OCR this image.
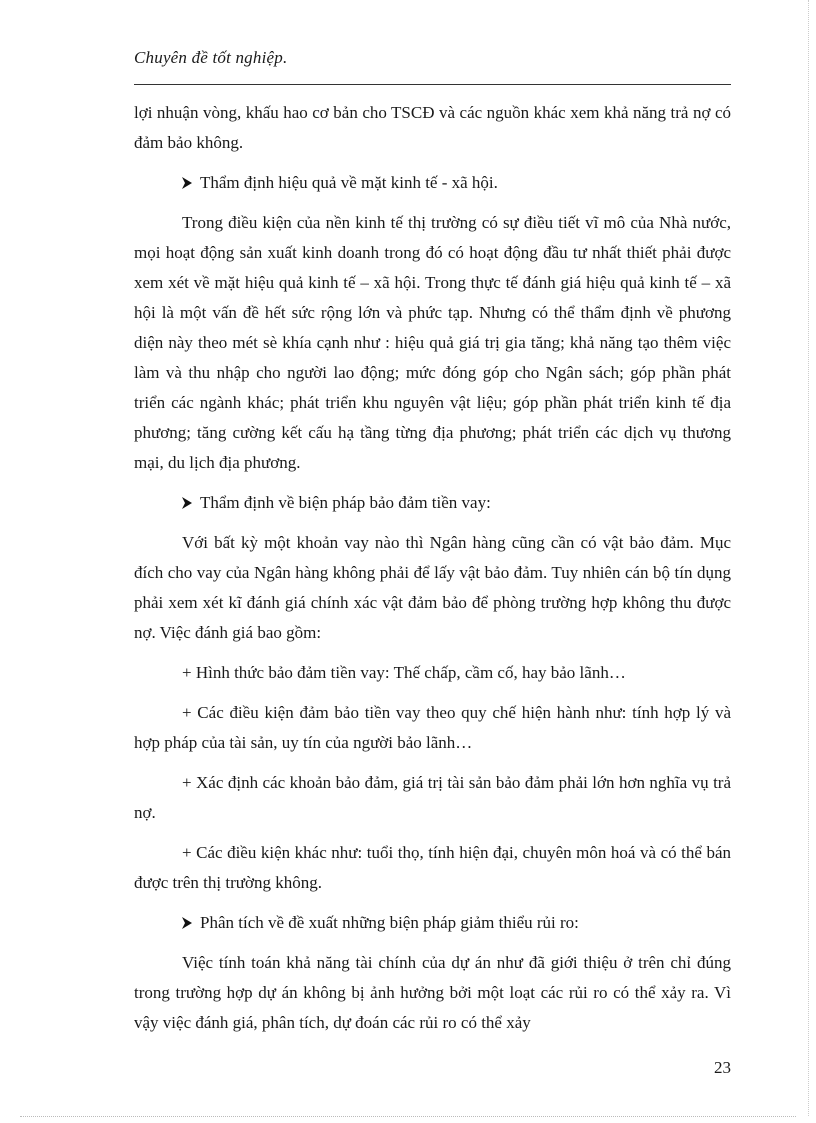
Chuyên đề tốt nghiệp.

lợi nhuận vòng, khấu hao cơ bản cho TSCĐ và các nguồn khác xem khả năng trả nợ có đảm bảo không.

Thẩm định hiệu quả về mặt kinh tế - xã hội.

Trong điều kiện của nền kinh tế thị trường có sự điều tiết vĩ mô của Nhà nước, mọi hoạt động sản xuất kinh doanh trong đó có hoạt động đầu tư nhất thiết phải được xem xét về mặt hiệu quả kinh tế – xã hội. Trong thực tế đánh giá hiệu quả kinh tế – xã hội là một vấn đề hết sức rộng lớn và phức tạp. Nhưng có thể thẩm định về phương diện này theo mét sè khía cạnh như : hiệu quả giá trị gia tăng; khả năng tạo thêm việc làm và thu nhập cho người lao động; mức đóng góp cho Ngân sách; góp phần phát triển các ngành khác; phát triển khu nguyên vật liệu; góp phần phát triển kinh tế địa phương; tăng cường kết cấu hạ tầng từng địa phương; phát triển các dịch vụ thương mại, du lịch địa phương.

Thẩm định về biện pháp bảo đảm tiền vay:

Với bất kỳ một khoản vay nào thì Ngân hàng cũng cần có vật bảo đảm. Mục đích cho vay của Ngân hàng không phải để lấy vật bảo đảm. Tuy nhiên cán bộ tín dụng phải xem xét kĩ đánh giá chính xác vật đảm bảo để phòng trường hợp không thu được nợ. Việc đánh giá bao gồm:

+ Hình thức bảo đảm tiền vay: Thế chấp, cầm cố, hay bảo lãnh…

+ Các điều kiện đảm bảo tiền vay theo quy chế hiện hành như: tính hợp lý và hợp pháp của tài sản, uy tín của người bảo lãnh…

+ Xác định các khoản bảo đảm, giá trị tài sản bảo đảm phải lớn hơn nghĩa vụ trả nợ.

+ Các điều kiện khác như: tuổi thọ, tính hiện đại, chuyên môn hoá và có thể bán được trên thị trường không.

Phân tích về đề xuất những biện pháp giảm thiểu rủi ro:

Việc tính toán khả năng tài chính của dự án như đã giới thiệu ở trên chỉ đúng trong trường hợp dự án không bị ảnh hưởng bởi một loạt các rủi ro có thể xảy ra. Vì vậy việc đánh giá, phân tích, dự đoán các rủi ro có thể xảy

23
